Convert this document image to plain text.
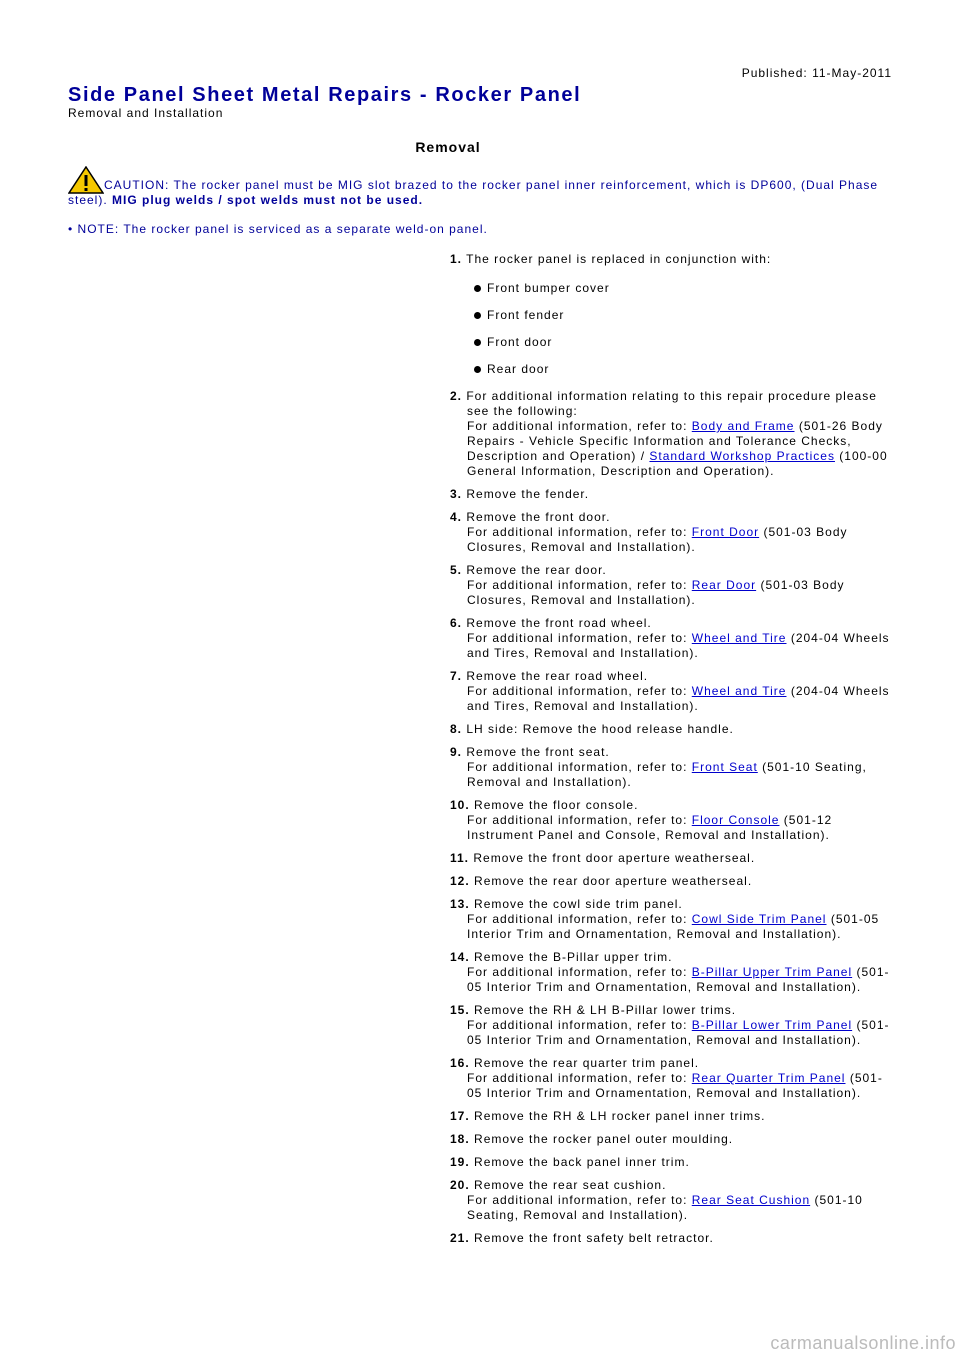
Published: 11-May-2011
Side Panel Sheet Metal Repairs - Rocker Panel
Removal and Installation
Removal

CAUTION: The rocker panel must be MIG slot brazed to the rocker panel inner reinforcement, which is DP600, (Dual Phase steel). MIG plug welds / spot welds must not be used.

• NOTE: The rocker panel is serviced as a separate weld-on panel.
1. The rocker panel is replaced in conjunction with:
Front bumper cover
Front fender
Front door
Rear door
2. For additional information relating to this repair procedure please see the following:
For additional information, refer to: Body and Frame (501-26 Body Repairs - Vehicle Specific Information and Tolerance Checks, Description and Operation) / Standard Workshop Practices (100-00 General Information, Description and Operation).
3. Remove the fender.
4. Remove the front door.
For additional information, refer to: Front Door (501-03 Body Closures, Removal and Installation).
5. Remove the rear door.
For additional information, refer to: Rear Door (501-03 Body Closures, Removal and Installation).
6. Remove the front road wheel.
For additional information, refer to: Wheel and Tire (204-04 Wheels and Tires, Removal and Installation).
7. Remove the rear road wheel.
For additional information, refer to: Wheel and Tire (204-04 Wheels and Tires, Removal and Installation).
8. LH side: Remove the hood release handle.
9. Remove the front seat.
For additional information, refer to: Front Seat (501-10 Seating, Removal and Installation).
10. Remove the floor console.
For additional information, refer to: Floor Console (501-12 Instrument Panel and Console, Removal and Installation).
11. Remove the front door aperture weatherseal.
12. Remove the rear door aperture weatherseal.
13. Remove the cowl side trim panel.
For additional information, refer to: Cowl Side Trim Panel (501-05 Interior Trim and Ornamentation, Removal and Installation).
14. Remove the B-Pillar upper trim.
For additional information, refer to: B-Pillar Upper Trim Panel (501-05 Interior Trim and Ornamentation, Removal and Installation).
15. Remove the RH & LH B-Pillar lower trims.
For additional information, refer to: B-Pillar Lower Trim Panel (501-05 Interior Trim and Ornamentation, Removal and Installation).
16. Remove the rear quarter trim panel.
For additional information, refer to: Rear Quarter Trim Panel (501-05 Interior Trim and Ornamentation, Removal and Installation).
17. Remove the RH & LH rocker panel inner trims.
18. Remove the rocker panel outer moulding.
19. Remove the back panel inner trim.
20. Remove the rear seat cushion.
For additional information, refer to: Rear Seat Cushion (501-10 Seating, Removal and Installation).
21. Remove the front safety belt retractor.
carmanualsonline.info
